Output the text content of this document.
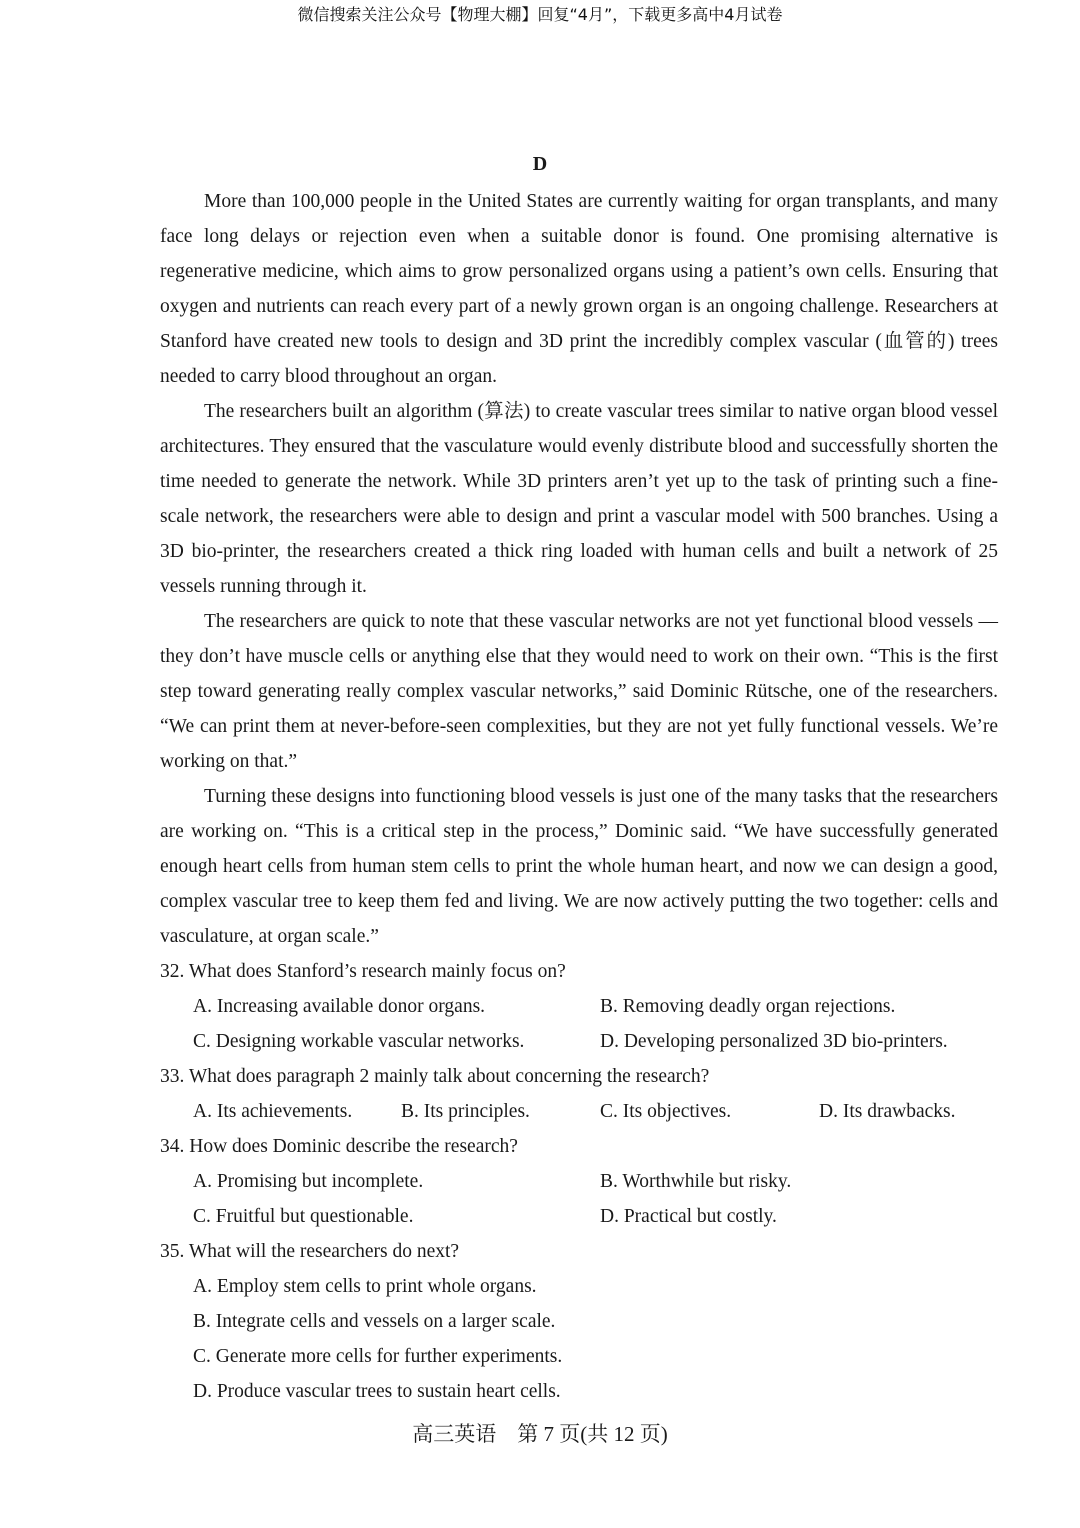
微信搜索关注公众号【物理大棚】回复“4月”，下载更多高中4月试卷
D

More than 100,000 people in the United States are currently waiting for organ transplants, and many face long delays or rejection even when a suitable donor is found. One promising alternative is regenerative medicine, which aims to grow personalized organs using a patient’s own cells. Ensuring that oxygen and nutrients can reach every part of a newly grown organ is an ongoing challenge. Researchers at Stanford have created new tools to design and 3D print the incredibly complex vascular (血管的) trees needed to carry blood throughout an organ.

The researchers built an algorithm (算法) to create vascular trees similar to native organ blood vessel architectures. They ensured that the vasculature would evenly distribute blood and successfully shorten the time needed to generate the network. While 3D printers aren’t yet up to the task of printing such a fine-scale network, the researchers were able to design and print a vascular model with 500 branches. Using a 3D bio-printer, the researchers created a thick ring loaded with human cells and built a network of 25 vessels running through it.

The researchers are quick to note that these vascular networks are not yet functional blood vessels — they don’t have muscle cells or anything else that they would need to work on their own. “This is the first step toward generating really complex vascular networks,” said Dominic Rütsche, one of the researchers. “We can print them at never-before-seen complexities, but they are not yet fully functional vessels. We’re working on that.”

Turning these designs into functioning blood vessels is just one of the many tasks that the researchers are working on. “This is a critical step in the process,” Dominic said. “We have successfully generated enough heart cells from human stem cells to print the whole human heart, and now we can design a good, complex vascular tree to keep them fed and living. We are now actively putting the two together: cells and vasculature, at organ scale.”

32. What does Stanford’s research mainly focus on?
A. Increasing available donor organs.	B. Removing deadly organ rejections.
C. Designing workable vascular networks.	D. Developing personalized 3D bio-printers.
33. What does paragraph 2 mainly talk about concerning the research?
A. Its achievements.	B. Its principles.	C. Its objectives.	D. Its drawbacks.
34. How does Dominic describe the research?
A. Promising but incomplete.	B. Worthwhile but risky.
C. Fruitful but questionable.	D. Practical but costly.
35. What will the researchers do next?
A. Employ stem cells to print whole organs.
B. Integrate cells and vessels on a larger scale.
C. Generate more cells for further experiments.
D. Produce vascular trees to sustain heart cells.
高三英语　第 7 页(共 12 页)
